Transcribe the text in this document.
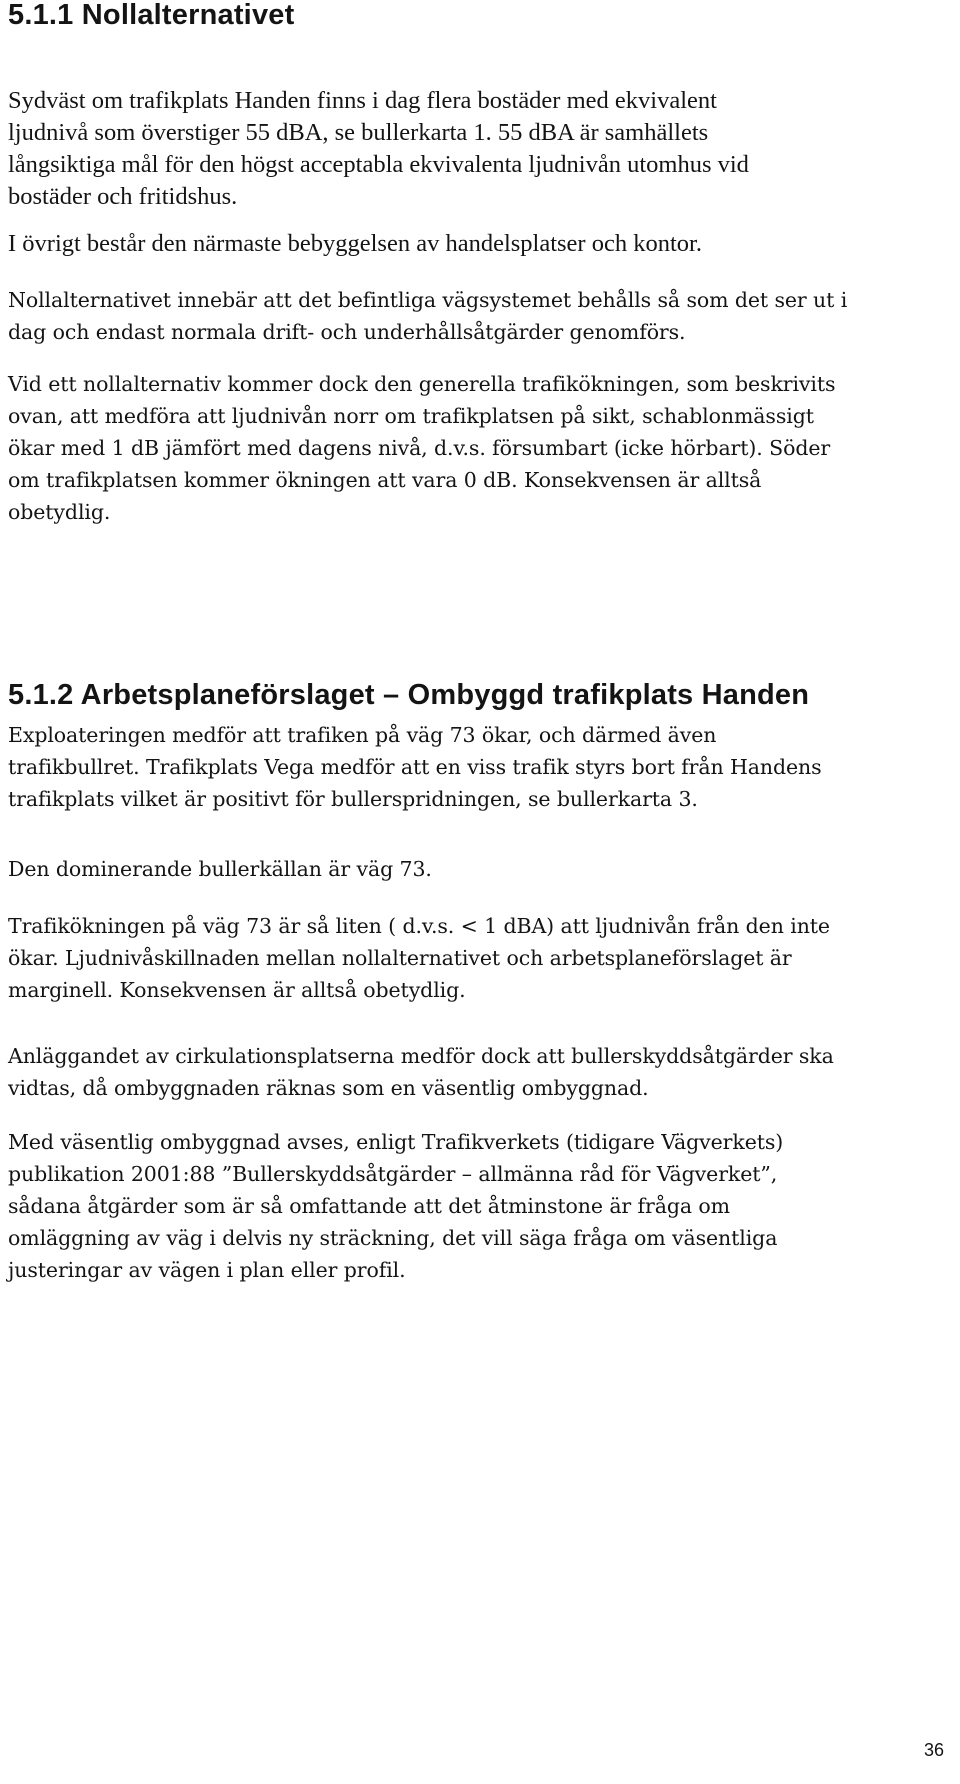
5.1.1 Nollalternativet
Sydväst om trafikplats Handen finns i dag flera bostäder med ekvivalent
ljudnivå som överstiger 55 dBA, se bullerkarta 1. 55 dBA är samhällets
långsiktiga mål för den högst acceptabla ekvivalenta ljudnivån utomhus vid
bostäder och fritidshus.
I övrigt består den närmaste bebyggelsen av handelsplatser och kontor.
Nollalternativet innebär att det befintliga vägsystemet behålls så som det ser ut i
dag och endast normala drift- och underhållsåtgärder genomförs.
Vid ett nollalternativ kommer dock den generella trafikökningen, som beskrivits
ovan, att medföra att ljudnivån norr om trafikplatsen på sikt, schablonmässigt
ökar med 1 dB jämfört med dagens nivå, d.v.s. försumbart (icke hörbart). Söder
om trafikplatsen kommer ökningen att vara 0 dB. Konsekvensen är alltså
obetydlig.
5.1.2 Arbetsplaneförslaget – Ombyggd trafikplats Handen
Exploateringen medför att trafiken på väg 73 ökar, och därmed även
trafikbullret. Trafikplats Vega medför att en viss trafik styrs bort från Handens
trafikplats vilket är positivt för bullerspridningen, se bullerkarta 3.
Den dominerande bullerkällan är väg 73.
Trafikökningen på väg 73 är så liten ( d.v.s. < 1 dBA) att ljudnivån från den inte
ökar. Ljudnivåskillnaden mellan nollalternativet och arbetsplaneförslaget är
marginell. Konsekvensen är alltså obetydlig.
Anläggandet av cirkulationsplatserna medför dock att bullerskyddsåtgärder ska
vidtas, då ombyggnaden räknas som en väsentlig ombyggnad.
Med väsentlig ombyggnad avses, enligt Trafikverkets (tidigare Vägverkets)
publikation 2001:88 ”Bullerskyddsåtgärder – allmänna råd för Vägverket”,
sådana åtgärder som är så omfattande att det åtminstone är fråga om
omläggning av väg i delvis ny sträckning, det vill säga fråga om väsentliga
justeringar av vägen i plan eller profil.
36
